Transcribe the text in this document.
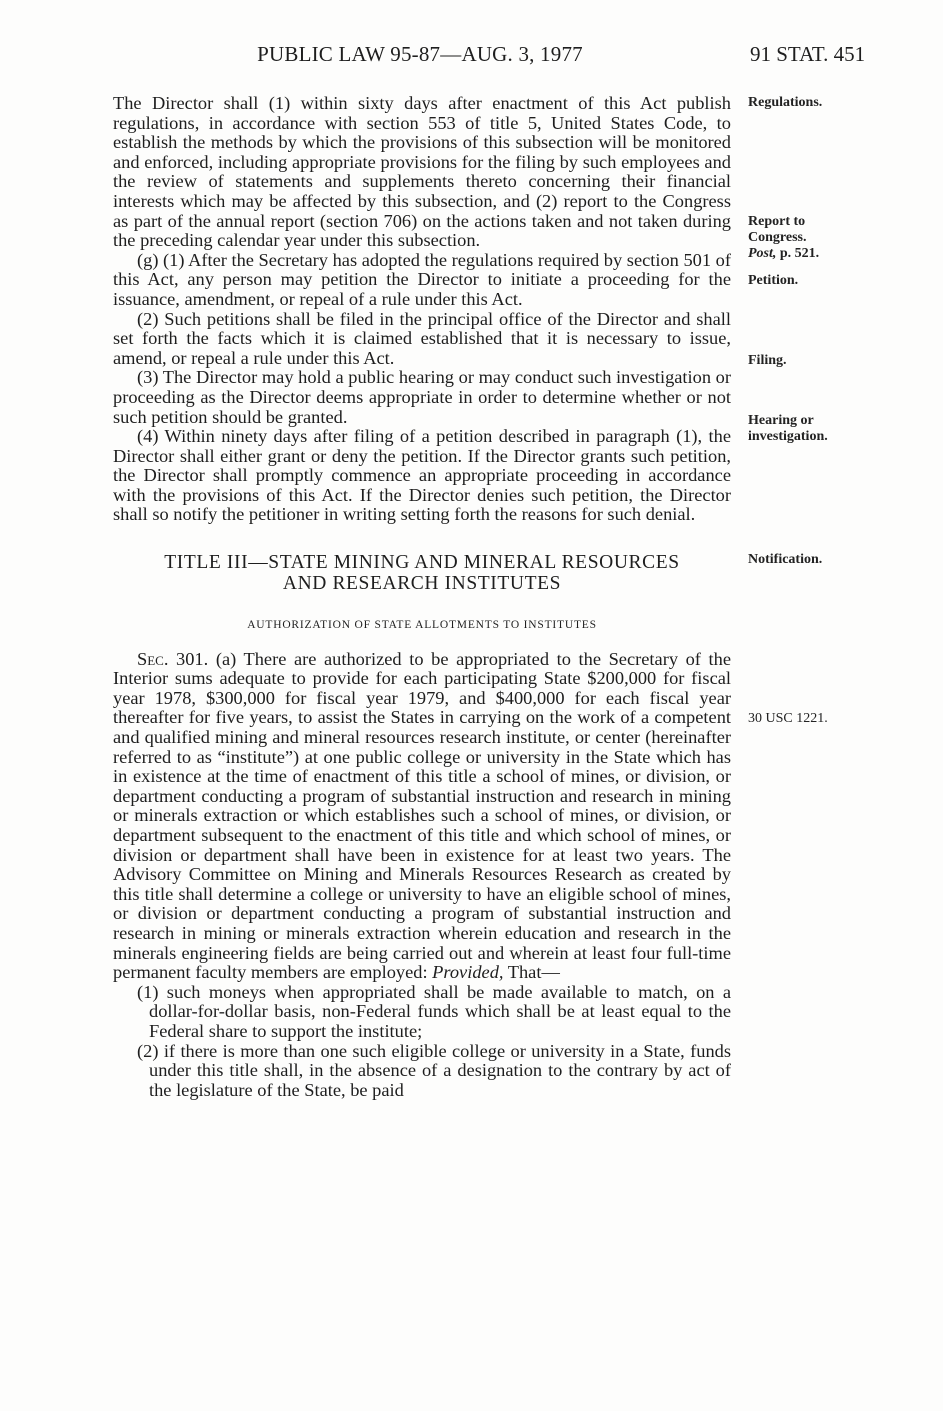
PUBLIC LAW 95-87—AUG. 3, 1977	91 STAT. 451

The Director shall (1) within sixty days after enactment of this Act publish regulations, in accordance with section 553 of title 5, United States Code, to establish the methods by which the provisions of this subsection will be monitored and enforced, including appropriate provisions for the filing by such employees and the review of statements and supplements thereto concerning their financial interests which may be affected by this subsection, and (2) report to the Congress as part of the annual report (section 706) on the actions taken and not taken during the preceding calendar year under this subsection.

(g) (1) After the Secretary has adopted the regulations required by section 501 of this Act, any person may petition the Director to initiate a proceeding for the issuance, amendment, or repeal of a rule under this Act.

(2) Such petitions shall be filed in the principal office of the Director and shall set forth the facts which it is claimed established that it is necessary to issue, amend, or repeal a rule under this Act.

(3) The Director may hold a public hearing or may conduct such investigation or proceeding as the Director deems appropriate in order to determine whether or not such petition should be granted.

(4) Within ninety days after filing of a petition described in paragraph (1), the Director shall either grant or deny the petition. If the Director grants such petition, the Director shall promptly commence an appropriate proceeding in accordance with the provisions of this Act. If the Director denies such petition, the Director shall so notify the petitioner in writing setting forth the reasons for such denial.

TITLE III—STATE MINING AND MINERAL RESOURCES

AND RESEARCH INSTITUTES

AUTHORIZATION OF STATE ALLOTMENTS TO INSTITUTES

Sec. 301. (a) There are authorized to be appropriated to the Secretary of the Interior sums adequate to provide for each participating State $200,000 for fiscal year 1978, $300,000 for fiscal year 1979, and $400,000 for each fiscal year thereafter for five years, to assist the States in carrying on the work of a competent and qualified mining and mineral resources research institute, or center (hereinafter referred to as “institute”) at one public college or university in the State which has in existence at the time of enactment of this title a school of mines, or division, or department conducting a program of substantial instruction and research in mining or minerals extraction or which establishes such a school of mines, or division, or department subsequent to the enactment of this title and which school of mines, or division or department shall have been in existence for at least two years. The Advisory Committee on Mining and Minerals Resources Research as created by this title shall determine a college or university to have an eligible school of mines, or division or department conducting a program of substantial instruction and research in mining or minerals extraction wherein education and research in the minerals engineering fields are being carried out and wherein at least four full-time permanent faculty members are employed: Provided, That—

(1) such moneys when appropriated shall be made available to match, on a dollar-for-dollar basis, non-Federal funds which shall be at least equal to the Federal share to support the institute;

(2) if there is more than one such eligible college or university in a State, funds under this title shall, in the absence of a designation to the contrary by act of the legislature of the State, be paid

Regulations.
Report to
Congress.
Post, p. 521.
Petition.
Filing.
Hearing or
investigation.
Notification.
30 USC 1221.
